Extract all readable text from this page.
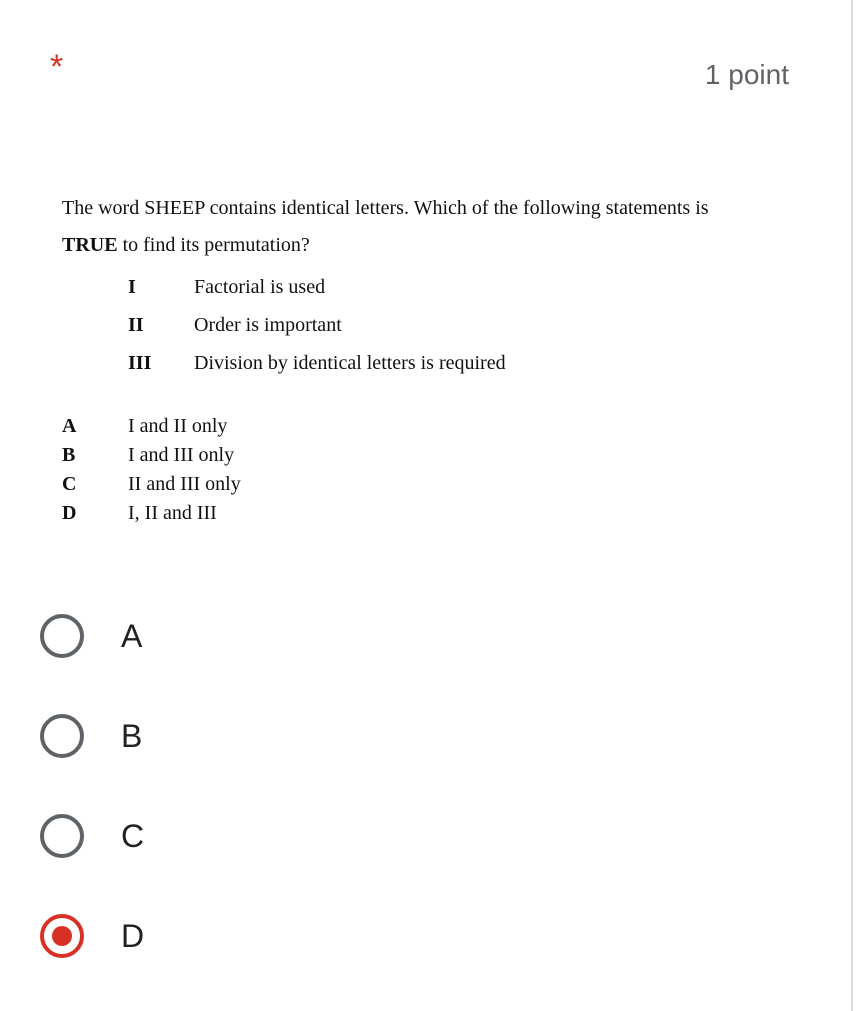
*	1 point

The word SHEEP contains identical letters. Which of the following statements is
TRUE to find its permutation?

I	Factorial is used
II	Order is important
III	Division by identical letters is required
A	I and II only
B	I and III only
C	II and III only
D	I, II and III
A
B
C
D
